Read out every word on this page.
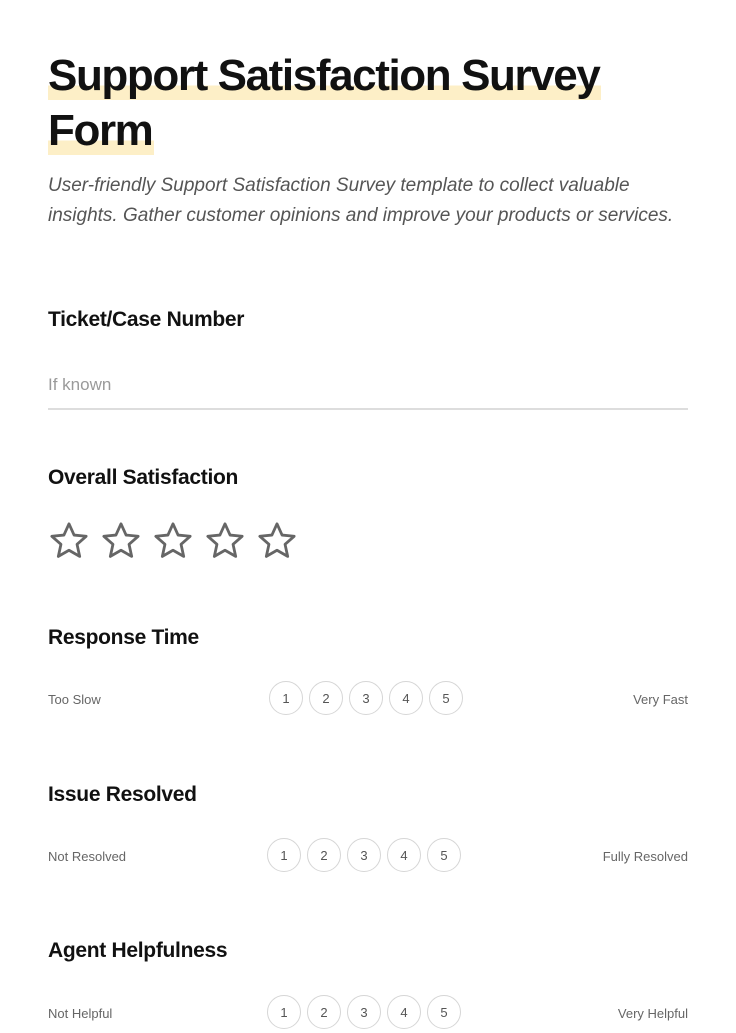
Support Satisfaction Survey
Form

User-friendly Support Satisfaction Survey template to collect valuable insights. Gather customer opinions and improve your products or services.

Ticket/Case Number
If known
Overall Satisfaction
Response Time
Too Slow	1	2	3	4	5	Very Fast
Issue Resolved
Not Resolved	1	2	3	4	5	Fully Resolved
Agent Helpfulness
Not Helpful	1	2	3	4	5	Very Helpful
